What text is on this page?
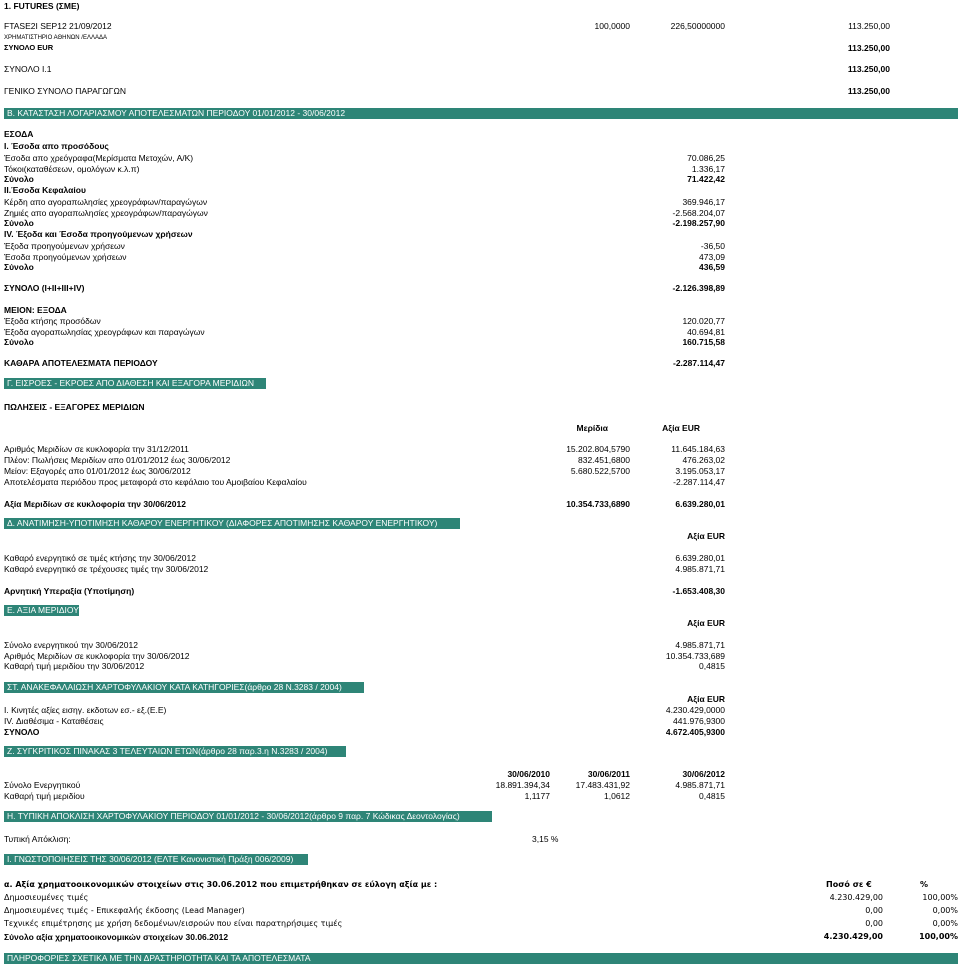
1. FUTURES (ΣΜΕ)
FTASE2I SEP12 21/09/2012	100,0000	226,50000000	113.250,00
ΧΡΗΜΑΤΙΣΤΗΡΙΟ ΑΘΗΝΩΝ /ΕΛΛΑΔΑ
ΣΥΝΟΛΟ EUR	113.250,00
ΣΥΝΟΛΟ Ι.1	113.250,00
ΓΕΝΙΚΟ ΣΥΝΟΛΟ ΠΑΡΑΓΩΓΩΝ	113.250,00
Β. ΚΑΤΑΣΤΑΣΗ ΛΟΓΑΡΙΑΣΜΟΥ ΑΠΟΤΕΛΕΣΜΑΤΩΝ ΠΕΡΙΟΔΟΥ 01/01/2012 - 30/06/2012
ΕΣΟΔΑ
Ι. Έσοδα απο προσόδους
Έσοδα απο χρεόγραφα(Μερίσματα Μετοχών, Α/Κ)	70.086,25
Τόκοι(καταθέσεων, ομολόγων κ.λ.π)	1.336,17
Σύνολο	71.422,42
ΙΙ.Έσοδα Κεφαλαίου
Κέρδη απο αγοραπωλησίες χρεογράφων/παραγώγων	369.946,17
Ζημιές απο αγοραπωλησίες χρεογράφων/παραγώγων	-2.568.204,07
Σύνολο	-2.198.257,90
IV. Έξοδα και Έσοδα προηγούμενων χρήσεων
Έξοδα προηγούμενων χρήσεων	-36,50
Έσοδα προηγούμενων χρήσεων	473,09
Σύνολο	436,59
ΣΥΝΟΛΟ (I+II+III+IV)	-2.126.398,89
ΜΕΙΟΝ: ΕΞΟΔΑ
Έξοδα κτήσης προσόδων	120.020,77
Έξοδα αγοραπωλησίας χρεογράφων και παραγώγων	40.694,81
Σύνολο	160.715,58
ΚΑΘΑΡΑ ΑΠΟΤΕΛΕΣΜΑΤΑ ΠΕΡΙΟΔΟΥ	-2.287.114,47
Γ. ΕΙΣΡΟΕΣ - ΕΚΡΟΕΣ ΑΠΟ ΔΙΑΘΕΣΗ ΚΑΙ ΕΞΑΓΟΡΑ ΜΕΡΙΔΙΩΝ
ΠΩΛΗΣΕΙΣ - ΕΞΑΓΟΡΕΣ ΜΕΡΙΔΙΩΝ
Μερίδια	Αξία EUR
Αριθμός Μεριδίων σε κυκλοφορία την 31/12/2011	15.202.804,5790	11.645.184,63
Πλέον: Πωλήσεις Μεριδίων απο 01/01/2012 έως 30/06/2012	832.451,6800	476.263,02
Μείον: Εξαγορές απο 01/01/2012 έως 30/06/2012	5.680.522,5700	3.195.053,17
Αποτελέσματα περιόδου προς μεταφορά στο κεφάλαιο του Αμοιβαίου Κεφαλαίου	-2.287.114,47
Αξία Μεριδίων σε κυκλοφορία την 30/06/2012	10.354.733,6890	6.639.280,01
Δ. ΑΝΑΤΙΜΗΣΗ-ΥΠΟΤΙΜΗΣΗ ΚΑΘΑΡΟΥ ΕΝΕΡΓΗΤΙΚΟΥ (ΔΙΑΦΟΡΕΣ ΑΠΟΤΙΜΗΣΗΣ ΚΑΘΑΡΟΥ ΕΝΕΡΓΗΤΙΚΟΥ)
Αξία EUR
Καθαρό ενεργητικό σε τιμές κτήσης την 30/06/2012	6.639.280,01
Καθαρό ενεργητικό σε τρέχουσες τιμές την 30/06/2012	4.985.871,71
Αρνητική Υπεραξία (Υποτίμηση)	-1.653.408,30
Ε. ΑΞΙΑ ΜΕΡΙΔΙΟΥ
Αξία EUR
Σύνολο ενεργητικού την 30/06/2012	4.985.871,71
Αριθμός Μεριδίων σε κυκλοφορία την 30/06/2012	10.354.733,689
Καθαρή τιμή μεριδίου την 30/06/2012	0,4815
ΣΤ. ΑΝΑΚΕΦΑΛΑΙΩΣΗ ΧΑΡΤΟΦΥΛΑΚΙΟΥ ΚΑΤΑ ΚΑΤΗΓΟΡΙΕΣ(άρθρο 28 Ν.3283 / 2004)
Αξία EUR
Ι. Κινητές αξίες εισηγ. εκδοτων εσ.- εξ.(Ε.Ε)	4.230.429,0000
IV. Διαθέσιμα - Καταθέσεις	441.976,9300
ΣΥΝΟΛΟ	4.672.405,9300
Ζ. ΣΥΓΚΡΙΤΙΚΟΣ ΠΙΝΑΚΑΣ 3 ΤΕΛΕΥΤΑΙΩΝ ΕΤΩΝ(άρθρο 28 παρ.3.η Ν.3283 / 2004)
30/06/2010	30/06/2011	30/06/2012
Σύνολο Ενεργητικού	18.891.394,34	17.483.431,92	4.985.871,71
Καθαρή τιμή μεριδίου	1,1177	1,0612	0,4815
Η. ΤΥΠΙΚΗ ΑΠΟΚΛΙΣΗ ΧΑΡΤΟΦΥΛΑΚΙΟΥ ΠΕΡΙΟΔΟΥ 01/01/2012 - 30/06/2012(άρθρο 9 παρ. 7 Κώδικας Δεοντολογίας)
Τυπική Απόκλιση:	3,15 %
Ι. ΓΝΩΣΤΟΠΟΙΗΣΕΙΣ ΤΗΣ 30/06/2012 (ΕΛΤΕ Κανονιστική Πράξη 006/2009)
α. Αξία χρηματοοικονομικών στοιχείων στις 30.06.2012 που επιμετρήθηκαν σε εύλογη αξία με :	Ποσό σε €	%
Δημοσιευμένες τιμές	4.230.429,00	100,00%
Δημοσιευμένες τιμές - Επικεφαλής έκδοσης (Lead Manager)	0,00	0,00%
Τεχνικές επιμέτρησης με χρήση δεδομένων/εισροών που είναι παρατηρήσιμες τιμές	0,00	0,00%
Σύνολο αξία χρηματοοικονομικών στοιχείων 30.06.2012	4.230.429,00	100,00%
ΠΛΗΡΟΦΟΡΙΕΣ ΣΧΕΤΙΚΑ ΜΕ ΤΗΝ ΔΡΑΣΤΗΡΙΟΤΗΤΑ ΚΑΙ ΤΑ ΑΠΟΤΕΛΕΣΜΑΤΑ
